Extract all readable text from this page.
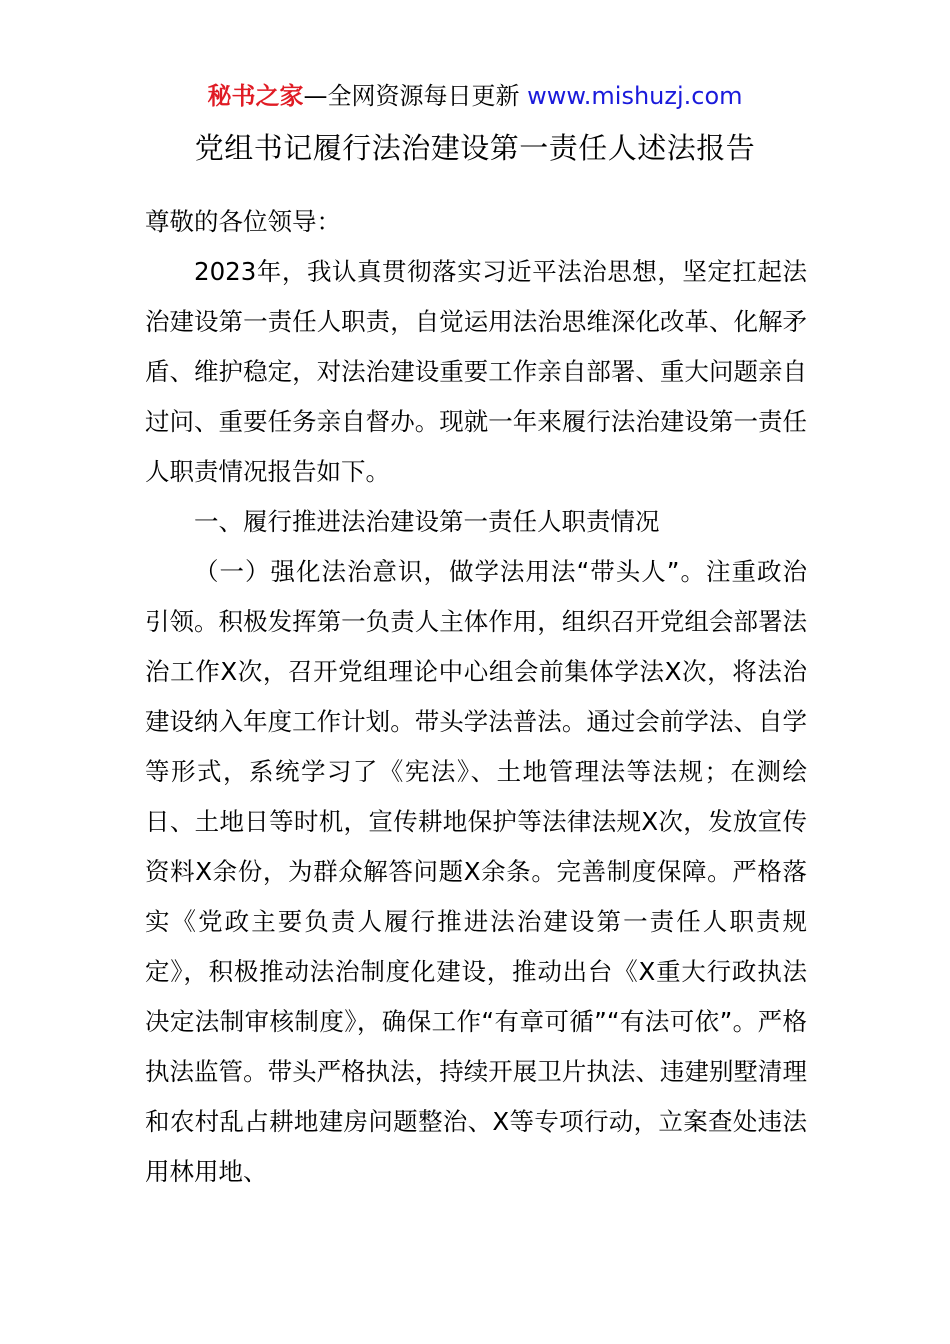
秘书之家—全网资源每日更新 www.mishuzj.com
党组书记履行法治建设第一责任人述法报告

尊敬的各位领导：

2023年，我认真贯彻落实习近平法治思想，坚定扛起法治建设第一责任人职责，自觉运用法治思维深化改革、化解矛盾、维护稳定，对法治建设重要工作亲自部署、重大问题亲自过问、重要任务亲自督办。现就一年来履行法治建设第一责任人职责情况报告如下。

一、履行推进法治建设第一责任人职责情况

（一）强化法治意识，做学法用法“带头人”。注重政治引领。积极发挥第一负责人主体作用，组织召开党组会部署法治工作X次，召开党组理论中心组会前集体学法X次，将法治建设纳入年度工作计划。带头学法普法。通过会前学法、自学等形式，系统学习了《宪法》、土地管理法等法规；在测绘日、土地日等时机，宣传耕地保护等法律法规X次，发放宣传资料X余份，为群众解答问题X余条。完善制度保障。严格落实《党政主要负责人履行推进法治建设第一责任人职责规定》，积极推动法治制度化建设，推动出台《X重大行政执法决定法制审核制度》，确保工作“有章可循”“有法可依”。严格执法监管。带头严格执法，持续开展卫片执法、违建别墅清理和农村乱占耕地建房问题整治、X等专项行动，立案查处违法用林用地、
